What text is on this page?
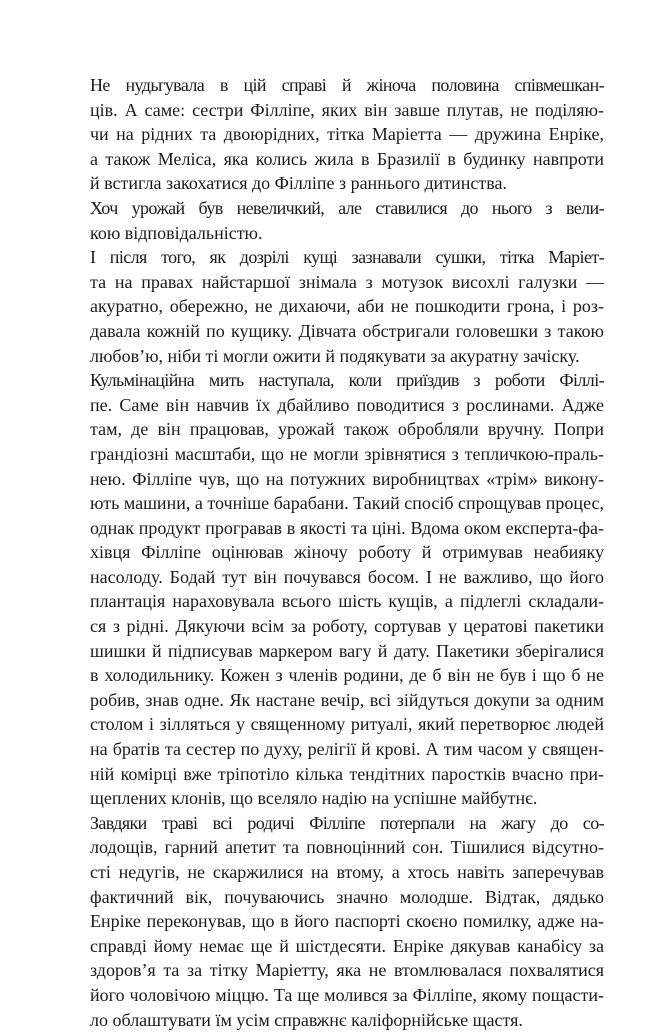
Не нудьгувала в цій справі й жіноча половина співмешкан-
ців. А саме: сестри Філліпе, яких він завше плутав, не поділяю-
чи на рідних та двоюрідних, тітка Маріетта — дружина Енріке,
а також Меліса, яка колись жила в Бразилії в будинку навпроти
й встигла закохатися до Філліпе з раннього дитинства.

Хоч урожай був невеличкий, але ставилися до нього з вели-
кою відповідальністю.

І після того, як дозрілі кущі зазнавали сушки, тітка Маріет-
та на правах найстаршої знімала з мотузок висохлі галузки —
акуратно, обережно, не дихаючи, аби не пошкодити грона, і роз-
давала кожній по кущику. Дівчата обстригали головешки з такою
любов’ю, ніби ті могли ожити й подякувати за акуратну зачіску.

Кульмінаційна мить наступала, коли приїздив з роботи Філлі-
пе. Саме він навчив їх дбайливо поводитися з рослинами. Адже
там, де він працював, урожай також обробляли вручну. Попри
грандіозні масштаби, що не могли зрівнятися з тепличкою-праль-
нею. Філліпе чув, що на потужних виробництвах «трім» викону-
ють машини, а точніше барабани. Такий спосіб спрощував процес,
однак продукт програвав в якості та ціні. Вдома оком експерта-фа-
хівця Філліпе оцінював жіночу роботу й отримував неабияку
насолоду. Бодай тут він почувався босом. І не важливо, що його
плантація нараховувала всього шість кущів, а підлеглі складали-
ся з рідні. Дякуючи всім за роботу, сортував у цератові пакетики
шишки й підписував маркером вагу й дату. Пакетики зберігалися
в холодильнику. Кожен з членів родини, де б він не був і що б не
робив, знав одне. Як настане вечір, всі зійдуться докупи за одним
столом і зілляться у священному ритуалі, який перетворює людей
на братів та сестер по духу, релігії й крові. А тим часом у священ-
ній комірці вже тріпотіло кілька тендітних паростків вчасно при-
щеплених клонів, що вселяло надію на успішне майбутнє.

Завдяки траві всі родичі Філліпе потерпали на жагу до со-
лодощів, гарний апетит та повноцінний сон. Тішилися відсутно-
сті недугів, не скаржилися на втому, а хтось навіть заперечував
фактичний вік, почуваючись значно молодше. Відтак, дядько
Енріке переконував, що в його паспорті скоєно помилку, адже на-
справді йому немає ще й шістдесяти. Енріке дякував канабісу за
здоров’я та за тітку Маріетту, яка не втомлювалася похвалятися
його чоловічою міццю. Та ще молився за Філліпе, якому пощасти-
ло облаштувати їм усім справжнє каліфорнійське щастя.
